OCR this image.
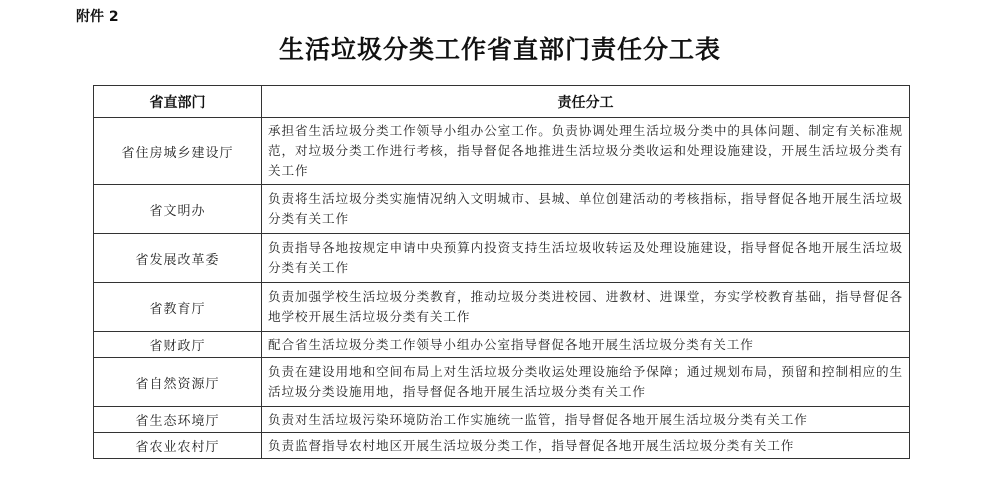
附件 2
生活垃圾分类工作省直部门责任分工表
省直部门	责任分工
省住房城乡建设厅	承担省生活垃圾分类工作领导小组办公室工作。负责协调处理生活垃圾分类中的具体问题、制定有关标准规范，对垃圾分类工作进行考核，指导督促各地推进生活垃圾分类收运和处理设施建设，开展生活垃圾分类有关工作
省文明办	负责将生活垃圾分类实施情况纳入文明城市、县城、单位创建活动的考核指标，指导督促各地开展生活垃圾分类有关工作
省发展改革委	负责指导各地按规定申请中央预算内投资支持生活垃圾收转运及处理设施建设，指导督促各地开展生活垃圾分类有关工作
省教育厅	负责加强学校生活垃圾分类教育，推动垃圾分类进校园、进教材、进课堂，夯实学校教育基础，指导督促各地学校开展生活垃圾分类有关工作
省财政厅	配合省生活垃圾分类工作领导小组办公室指导督促各地开展生活垃圾分类有关工作
省自然资源厅	负责在建设用地和空间布局上对生活垃圾分类收运处理设施给予保障；通过规划布局，预留和控制相应的生活垃圾分类设施用地，指导督促各地开展生活垃圾分类有关工作
省生态环境厅	负责对生活垃圾污染环境防治工作实施统一监管，指导督促各地开展生活垃圾分类有关工作
省农业农村厅	负责监督指导农村地区开展生活垃圾分类工作，指导督促各地开展生活垃圾分类有关工作
